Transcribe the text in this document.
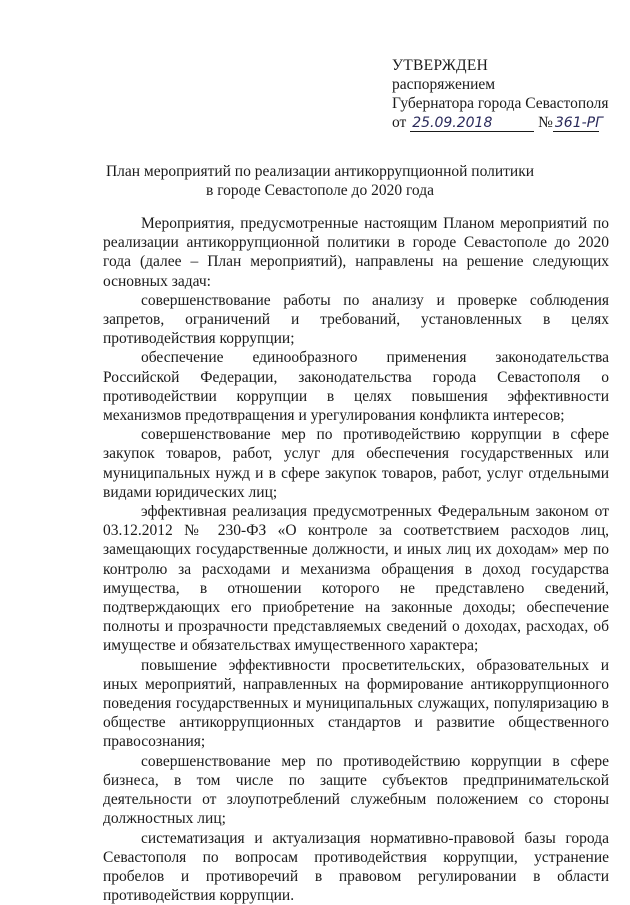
УТВЕРЖДЕН
распоряжением
Губернатора города Севастополя
от 25.09.2018	№ 361-РГ
План мероприятий по реализации антикоррупционной политики
в городе Севастополе до 2020 года

Мероприятия, предусмотренные настоящим Планом мероприятий по реализации антикоррупционной политики в городе Севастополе до 2020 года (далее – План мероприятий), направлены на решение следующих основных задач:

совершенствование работы по анализу и проверке соблюдения запретов, ограничений и требований, установленных в целях противодействия коррупции;

обеспечение единообразного применения законодательства Российской Федерации, законодательства города Севастополя о противодействии коррупции в целях повышения эффективности механизмов предотвращения и урегулирования конфликта интересов;

совершенствование мер по противодействию коррупции в сфере закупок товаров, работ, услуг для обеспечения государственных или муниципальных нужд и в сфере закупок товаров, работ, услуг отдельными видами юридических лиц;

эффективная реализация предусмотренных Федеральным законом от 03.12.2012 № 230-ФЗ «О контроле за соответствием расходов лиц, замещающих государственные должности, и иных лиц их доходам» мер по контролю за расходами и механизма обращения в доход государства имущества, в отношении которого не представлено сведений, подтверждающих его приобретение на законные доходы; обеспечение полноты и прозрачности представляемых сведений о доходах, расходах, об имуществе и обязательствах имущественного характера;

повышение эффективности просветительских, образовательных и иных мероприятий, направленных на формирование антикоррупционного поведения государственных и муниципальных служащих, популяризацию в обществе антикоррупционных стандартов и развитие общественного правосознания;

совершенствование мер по противодействию коррупции в сфере бизнеса, в том числе по защите субъектов предпринимательской деятельности от злоупотреблений служебным положением со стороны должностных лиц;

систематизация и актуализация нормативно-правовой базы города Севастополя по вопросам противодействия коррупции, устранение пробелов и противоречий в правовом регулировании в области противодействия коррупции.
